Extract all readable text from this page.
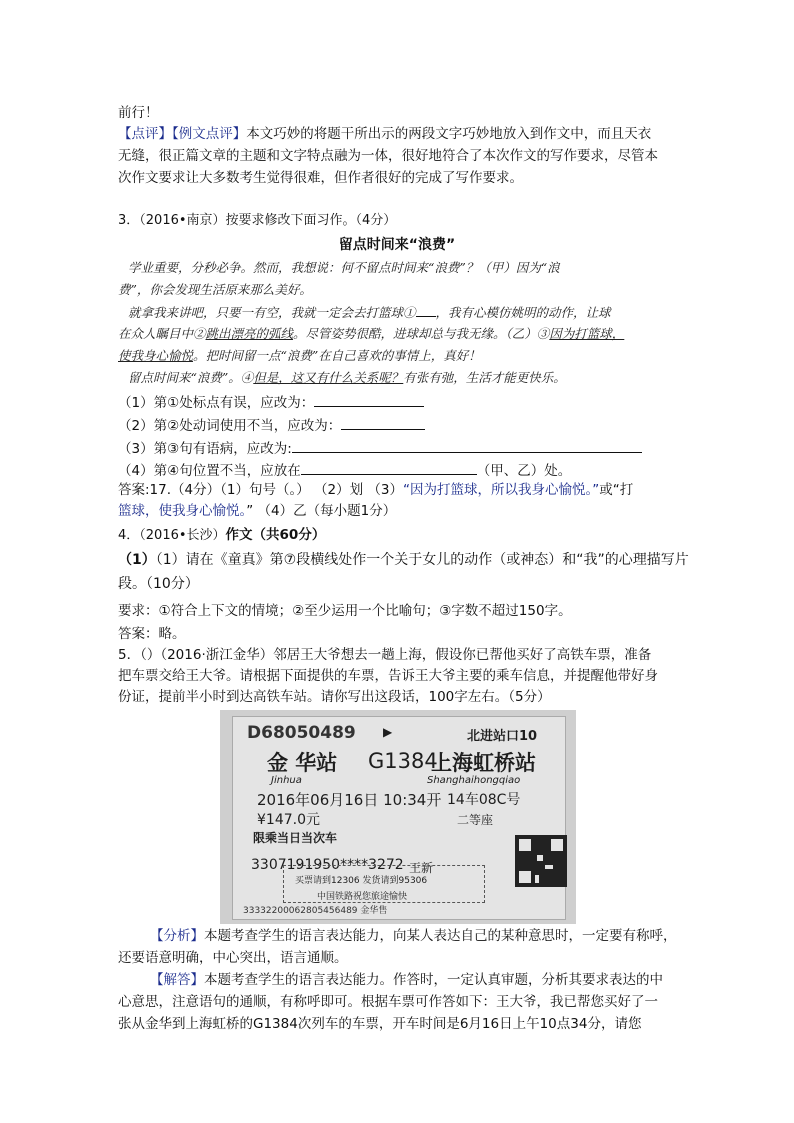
前行！
【点评】【例文点评】本文巧妙的将题干所出示的两段文字巧妙地放入到作文中，而且天衣
无缝，很正篇文章的主题和文字特点融为一体，很好地符合了本次作文的写作要求，尽管本
次作文要求让大多数考生觉得很难，但作者很好的完成了写作要求。
3．（2016•南京）按要求修改下面习作。（4分）
留点时间来“浪费”
学业重要，分秒必争。然而，我想说：何不留点时间来“浪费”？（甲）因为“浪
费”，你会发现生活原来那么美好。
就拿我来讲吧，只要一有空，我就一定会去打篮球① ，我有心模仿姚明的动作，让球
在众人瞩目中②跳出漂亮的弧线。尽管姿势很酷，进球却总与我无缘。（乙）③因为打篮球，
使我身心愉悦。把时间留一点“浪费”在自己喜欢的事情上，真好！
留点时间来“浪费”。④但是，这又有什么关系呢？有张有弛，生活才能更快乐。
（1）第①处标点有误，应改为：
（2）第②处动词使用不当，应改为：
（3）第③句有语病，应改为:
（4）第④句位置不当，应放在	（甲、乙）处。
答案:17.（4分）（1）句号（。） （2）划 （3）“因为打篮球，所以我身心愉悦。”或“打
篮球，使我身心愉悦。” （4）乙（每小题1分）
4．（2016•长沙）作文（共60分）
（1）（1）请在《童真》第⑦段横线处作一个关于女儿的动作（或神态）和“我”的心理描写片
段。（10分）
要求：①符合上下文的情境；②至少运用一个比喻句；③字数不超过150字。
答案：略。
5．（）（2016·浙江金华）邻居王大爷想去一趟上海，假设你已帮他买好了高铁车票，准备
把车票交给王大爷。请根据下面提供的车票，告诉王大爷主要的乘车信息，并提醒他带好身
份证，提前半小时到达高铁车站。请你写出这段话，100字左右。（5分）
D68050489 ▶	北进站口10
金 华站
Jinhua
G1384
上海虹桥站
Shanghaihongqiao
2016年06月16日 10:34开 14车08C号
¥147.0元	二等座
限乘当日当次车
3307191950****3272 王新
买票请到12306 发货请到95306
中国铁路祝您旅途愉快
33332200062805456489 金华售
【分析】本题考查学生的语言表达能力，向某人表达自己的某种意思时，一定要有称呼，
还要语意明确，中心突出，语言通顺。
【解答】本题考查学生的语言表达能力。作答时，一定认真审题，分析其要求表达的中
心意思，注意语句的通顺，有称呼即可。根据车票可作答如下：王大爷，我已帮您买好了一
张从金华到上海虹桥的G1384次列车的车票，开车时间是6月16日上午10点34分，请您
